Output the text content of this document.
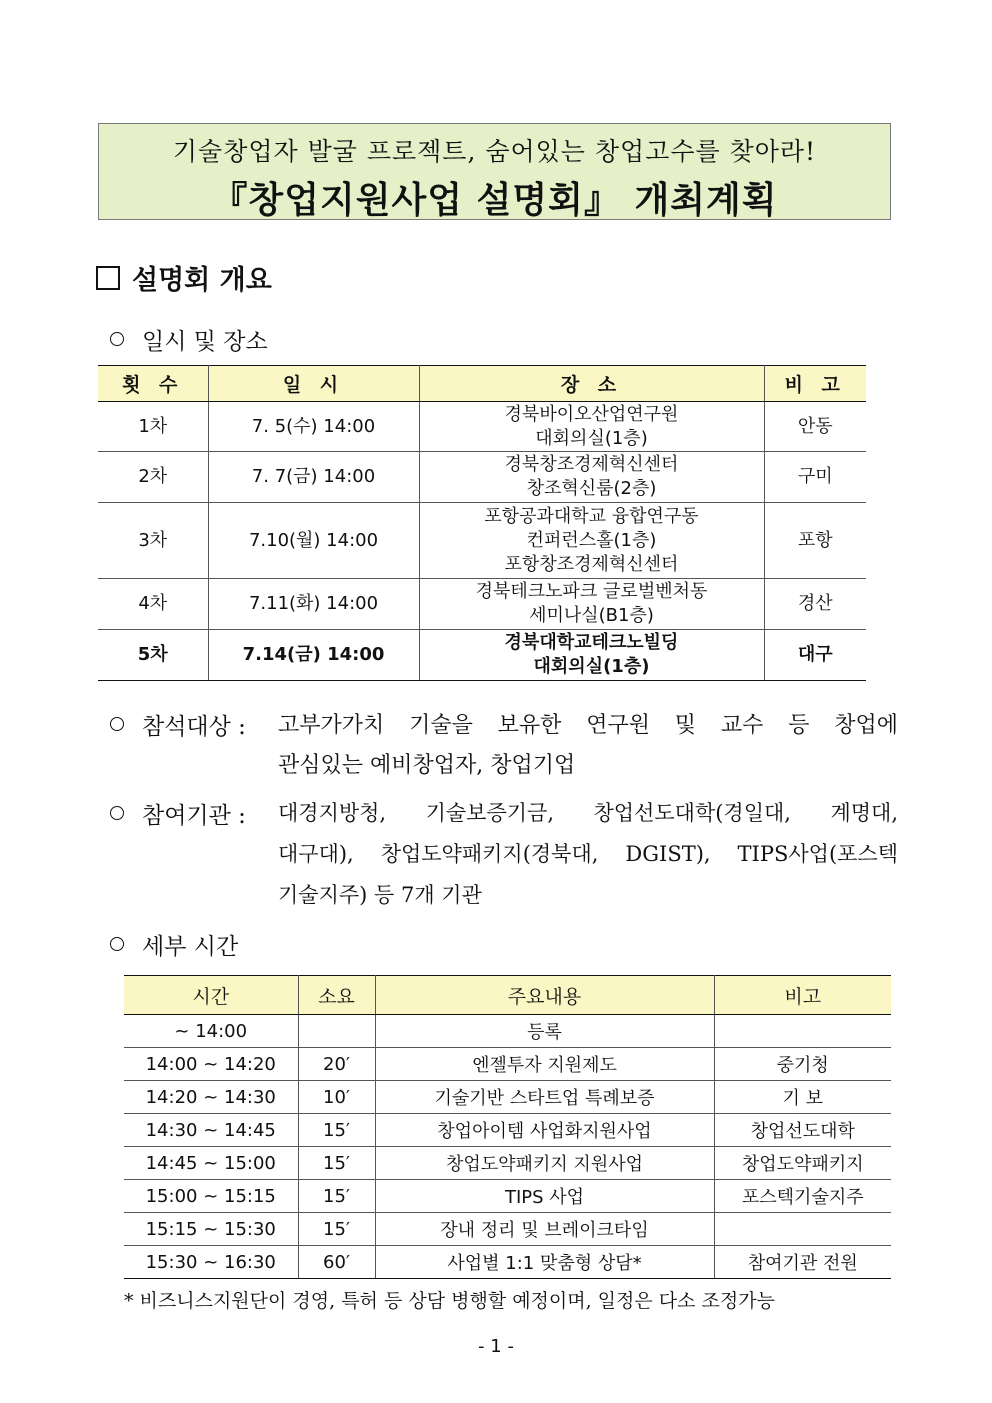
기술창업자 발굴 프로젝트, 숨어있는 창업고수를 찾아라!
『창업지원사업 설명회』 개최계획
설명회 개요
일시 및 장소
횟 수	일 시	장 소	비 고
1차	7. 5(수) 14:00	경북바이오산업연구원
대회의실(1층)	안동
2차	7. 7(금) 14:00	경북창조경제혁신센터
창조혁신룸(2층)	구미
3차	7.10(월) 14:00	포항공과대학교 융합연구동
컨퍼런스홀(1층)
포항창조경제혁신센터	포항
4차	7.11(화) 14:00	경북테크노파크 글로벌벤처동
세미나실(B1층)	경산
5차	7.14(금) 14:00	경북대학교테크노빌딩
대회의실(1층)	대구
참석대상 : 고부가가치 기술을 보유한 연구원 및 교수 등 창업에
관심있는 예비창업자, 창업기업
참여기관 : 대경지방청, 기술보증기금, 창업선도대학(경일대, 계명대,
대구대), 창업도약패키지(경북대, DGIST), TIPS사업(포스텍
기술지주) 등 7개 기관
세부 시간
시간	소요	주요내용	비고
~ 14:00		등록	
14:00 ~ 14:20	20′	엔젤투자 지원제도	중기청
14:20 ~ 14:30	10′	기술기반 스타트업 특례보증	기 보
14:30 ~ 14:45	15′	창업아이템 사업화지원사업	창업선도대학
14:45 ~ 15:00	15′	창업도약패키지 지원사업	창업도약패키지
15:00 ~ 15:15	15′	TIPS 사업	포스텍기술지주
15:15 ~ 15:30	15′	장내 정리 및 브레이크타임	
15:30 ~ 16:30	60′	사업별 1:1 맞춤형 상담*	참여기관 전원
* 비즈니스지원단이 경영, 특허 등 상담 병행할 예정이며, 일정은 다소 조정가능
- 1 -
